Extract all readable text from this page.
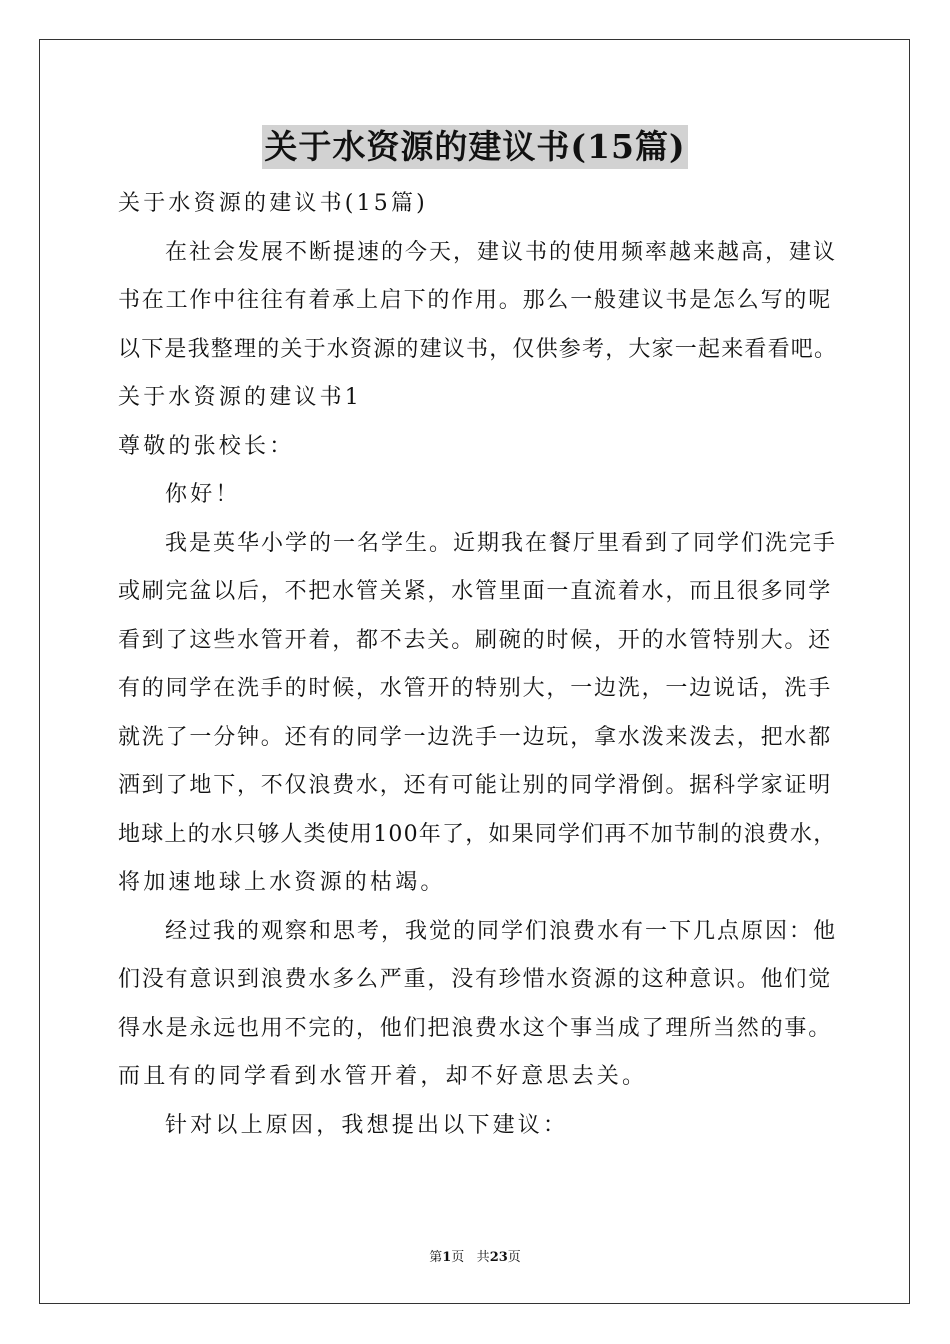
关于水资源的建议书(15篇)
关于水资源的建议书(15篇)
在社会发展不断提速的今天，建议书的使用频率越来越高，建议
书在工作中往往有着承上启下的作用。那么一般建议书是怎么写的呢
以下是我整理的关于水资源的建议书，仅供参考，大家一起来看看吧。
关于水资源的建议书1
尊敬的张校长：
你好！
我是英华小学的一名学生。近期我在餐厅里看到了同学们洗完手
或刷完盆以后，不把水管关紧，水管里面一直流着水，而且很多同学
看到了这些水管开着，都不去关。刷碗的时候，开的水管特别大。还
有的同学在洗手的时候，水管开的特别大，一边洗，一边说话，洗手
就洗了一分钟。还有的同学一边洗手一边玩，拿水泼来泼去，把水都
洒到了地下，不仅浪费水，还有可能让别的同学滑倒。据科学家证明
地球上的水只够人类使用100年了，如果同学们再不加节制的浪费水，
将加速地球上水资源的枯竭。
经过我的观察和思考，我觉的同学们浪费水有一下几点原因：他
们没有意识到浪费水多么严重，没有珍惜水资源的这种意识。他们觉
得水是永远也用不完的，他们把浪费水这个事当成了理所当然的事。
而且有的同学看到水管开着，却不好意思去关。
针对以上原因，我想提出以下建议：
第1页 共23页
